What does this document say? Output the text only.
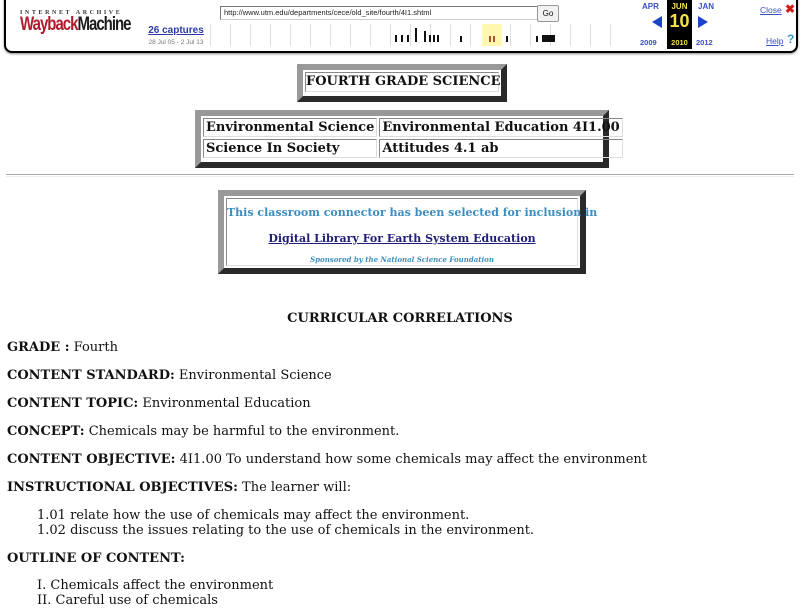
INTERNET ARCHIVE
Wayback Machine 26 captures
28 Jul 05 - 2 Jul 13
http://www.utm.edu/departments/cece/old_site/fourth/4I1.shtml	Go
APR
2009
JUN
10
2010
JAN
2012
Close ✖
Help ?
FOURTH GRADE SCIENCE
Environmental Science	Environmental Education 4I1.00
Science In Society	Attitudes 4.1 ab
This classroom connector has been selected for inclusion in
Digital Library For Earth System Education
Sponsored by the National Science Foundation
CURRICULAR CORRELATIONS
GRADE : Fourth
CONTENT STANDARD: Environmental Science
CONTENT TOPIC: Environmental Education
CONCEPT: Chemicals may be harmful to the environment.
CONTENT OBJECTIVE: 4I1.00 To understand how some chemicals may affect the environment
INSTRUCTIONAL OBJECTIVES: The learner will:
1.01 relate how the use of chemicals may affect the environment.
1.02 discuss the issues relating to the use of chemicals in the environment.
OUTLINE OF CONTENT:
I. Chemicals affect the environment
II. Careful use of chemicals
